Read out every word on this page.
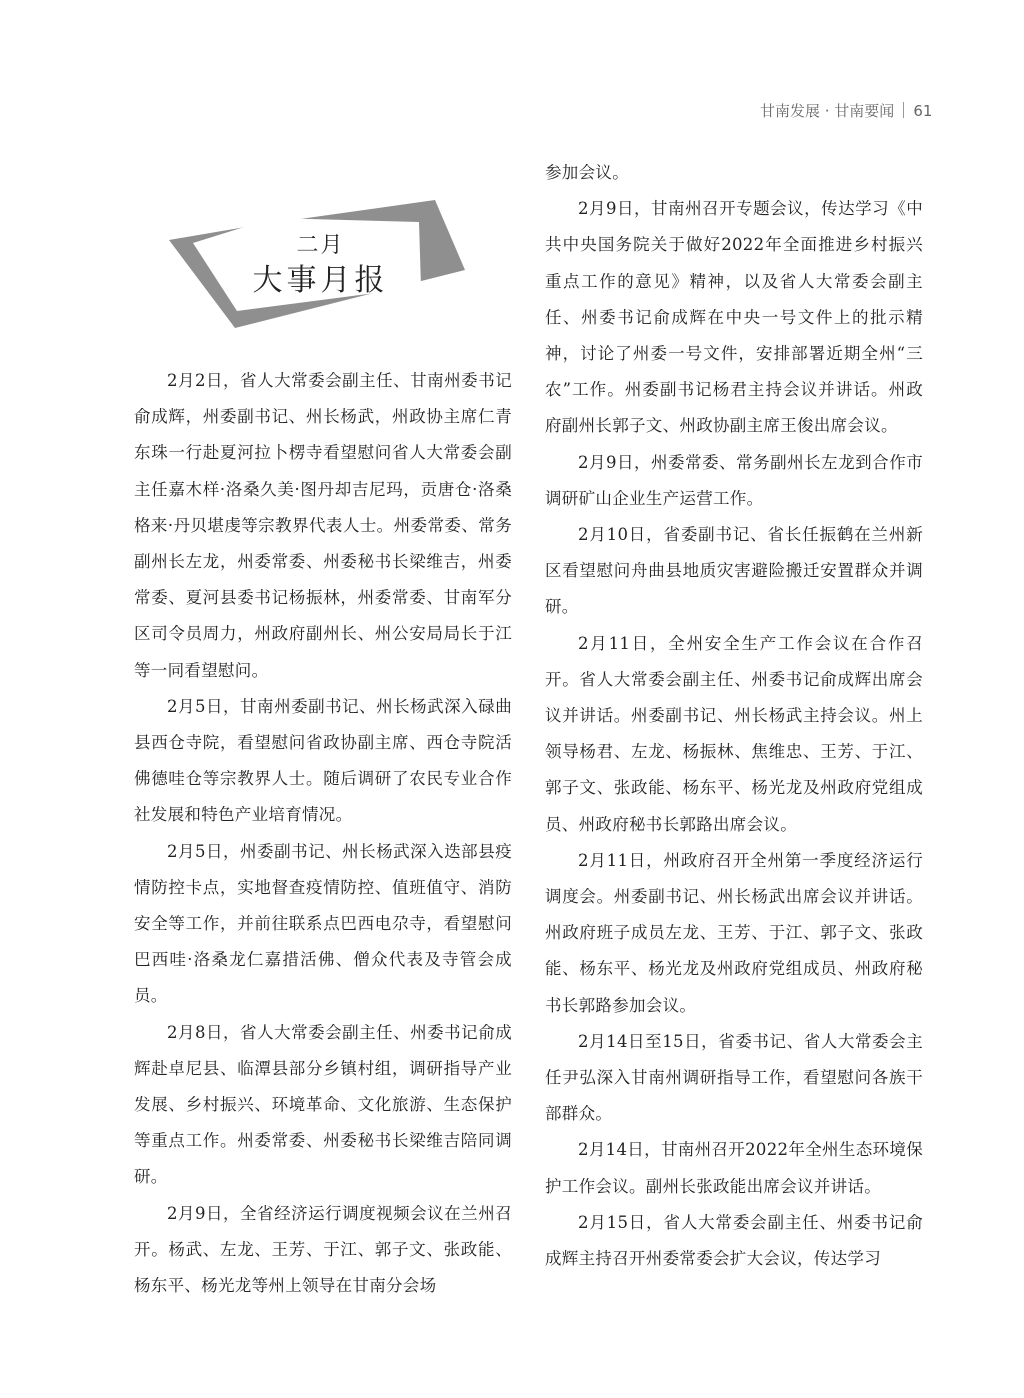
甘南发展 · 甘南要闻 61
二月
大事月报

2月2日，省人大常委会副主任、甘南州委书记俞成辉，州委副书记、州长杨武，州政协主席仁青东珠一行赴夏河拉卜楞寺看望慰问省人大常委会副主任嘉木样·洛桑久美·图丹却吉尼玛，贡唐仓·洛桑格来·丹贝堪虔等宗教界代表人士。州委常委、常务副州长左龙，州委常委、州委秘书长梁维吉，州委常委、夏河县委书记杨振林，州委常委、甘南军分区司令员周力，州政府副州长、州公安局局长于江等一同看望慰问。

2月5日，甘南州委副书记、州长杨武深入碌曲县西仓寺院，看望慰问省政协副主席、西仓寺院活佛德哇仓等宗教界人士。随后调研了农民专业合作社发展和特色产业培育情况。

2月5日，州委副书记、州长杨武深入迭部县疫情防控卡点，实地督查疫情防控、值班值守、消防安全等工作，并前往联系点巴西电尕寺，看望慰问巴西哇·洛桑龙仁嘉措活佛、僧众代表及寺管会成员。

2月8日，省人大常委会副主任、州委书记俞成辉赴卓尼县、临潭县部分乡镇村组，调研指导产业发展、乡村振兴、环境革命、文化旅游、生态保护等重点工作。州委常委、州委秘书长梁维吉陪同调研。

2月9日，全省经济运行调度视频会议在兰州召开。杨武、左龙、王芳、于江、郭子文、张政能、杨东平、杨光龙等州上领导在甘南分会场

参加会议。

2月9日，甘南州召开专题会议，传达学习《中共中央国务院关于做好2022年全面推进乡村振兴重点工作的意见》精神，以及省人大常委会副主任、州委书记俞成辉在中央一号文件上的批示精神，讨论了州委一号文件，安排部署近期全州“三农”工作。州委副书记杨君主持会议并讲话。州政府副州长郭子文、州政协副主席王俊出席会议。

2月9日，州委常委、常务副州长左龙到合作市调研矿山企业生产运营工作。

2月10日，省委副书记、省长任振鹤在兰州新区看望慰问舟曲县地质灾害避险搬迁安置群众并调研。

2月11日，全州安全生产工作会议在合作召开。省人大常委会副主任、州委书记俞成辉出席会议并讲话。州委副书记、州长杨武主持会议。州上领导杨君、左龙、杨振林、焦维忠、王芳、于江、郭子文、张政能、杨东平、杨光龙及州政府党组成员、州政府秘书长郭路出席会议。

2月11日，州政府召开全州第一季度经济运行调度会。州委副书记、州长杨武出席会议并讲话。州政府班子成员左龙、王芳、于江、郭子文、张政能、杨东平、杨光龙及州政府党组成员、州政府秘书长郭路参加会议。

2月14日至15日，省委书记、省人大常委会主任尹弘深入甘南州调研指导工作，看望慰问各族干部群众。

2月14日，甘南州召开2022年全州生态环境保护工作会议。副州长张政能出席会议并讲话。

2月15日，省人大常委会副主任、州委书记俞成辉主持召开州委常委会扩大会议，传达学习
